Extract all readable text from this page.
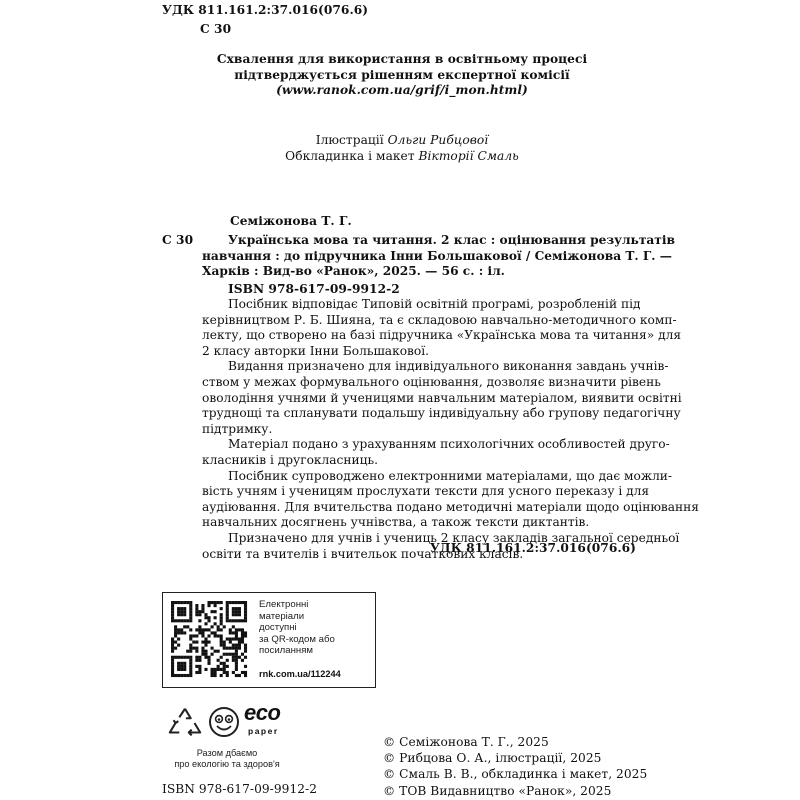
УДК 811.161.2:37.016(076.6)
С 30
Схвалення для використання в освітньому процесі
підтверджується рішенням експертної комісії
(www.ranok.com.ua/grif/i_mon.html)
Ілюстрації Ольги Рибцової
Обкладинка і макет Вікторії Смаль
Семіжонова Т. Г.
С 30	Українська мова та читання. 2 клас : оцінювання результатів
навчання : до підручника Інни Большакової / Семіжонова Т. Г. —
Харків : Вид-во «Ранок», 2025. — 56 с. : іл.
ISBN 978-617-09-9912-2
Посібник відповідає Типовій освітній програмі, розробленій під
керівництвом Р. Б. Шияна, та є складовою навчально-методичного комп-
лекту, що створено на базі підручника «Українська мова та читання» для
2 класу авторки Інни Большакової.
Видання призначено для індивідуального виконання завдань учнів-
ством у межах формувального оцінювання, дозволяє визначити рівень
оволодіння учнями й ученицями навчальним матеріалом, виявити освітні
труднощі та спланувати подальшу індивідуальну або групову педагогічну
підтримку.
Матеріал подано з урахуванням психологічних особливостей друго-
класників і другокласниць.
Посібник супроводжено електронними матеріалами, що дає можли-
вість учням і ученицям прослухати тексти для усного переказу і для
аудіювання. Для вчительства подано методичні матеріали щодо оцінювання
навчальних досягнень учнівства, а також тексти диктантів.
Призначено для учнів і учениць 2 класу закладів загальної середньої
освіти та вчителів і вчительок початкових класів.
УДК 811.161.2:37.016(076.6)
Електронні
матеріали
доступні
за QR-кодом або
посиланням
rnk.com.ua/112244
eco
paper
Разом дбаємо
про екологію та здоров'я
ISBN 978-617-09-9912-2
© Семіжонова Т. Г., 2025
© Рибцова О. А., ілюстрації, 2025
© Смаль В. В., обкладинка і макет, 2025
© ТОВ Видавництво «Ранок», 2025
